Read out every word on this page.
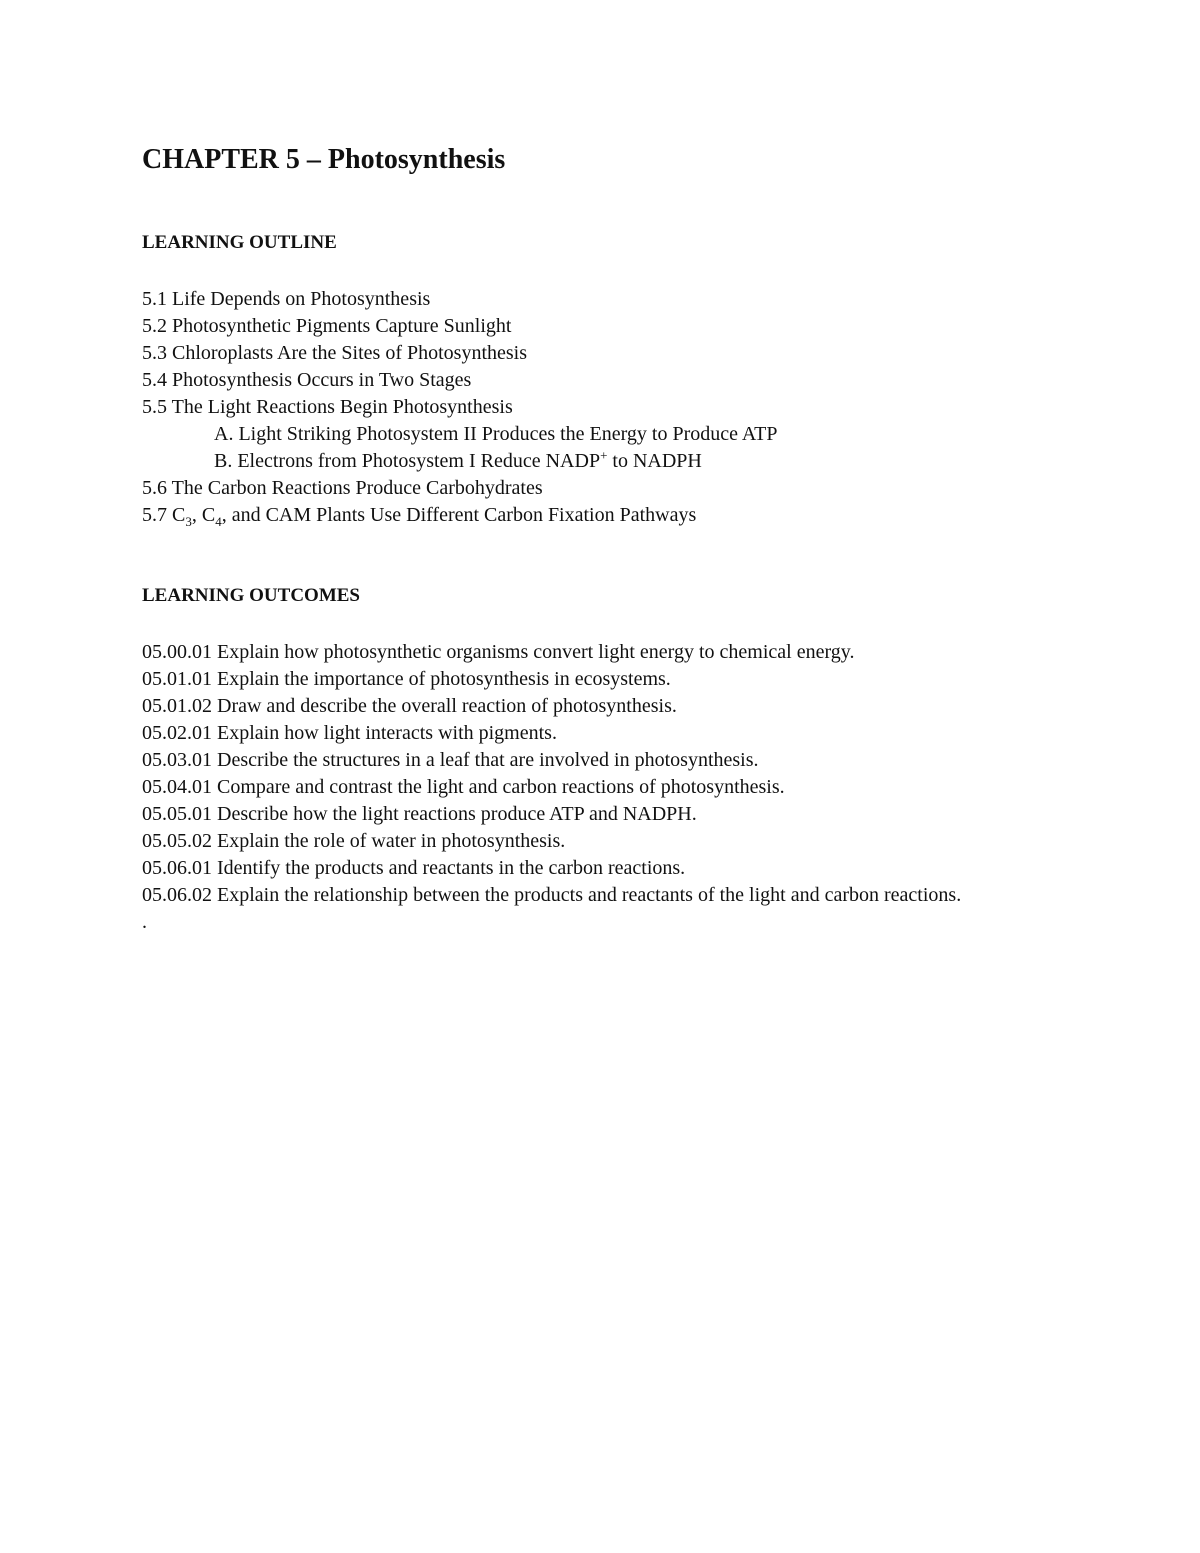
CHAPTER 5 – Photosynthesis
LEARNING OUTLINE
5.1 Life Depends on Photosynthesis
5.2 Photosynthetic Pigments Capture Sunlight
5.3 Chloroplasts Are the Sites of Photosynthesis
5.4 Photosynthesis Occurs in Two Stages
5.5 The Light Reactions Begin Photosynthesis
A. Light Striking Photosystem II Produces the Energy to Produce ATP
B. Electrons from Photosystem I Reduce NADP+ to NADPH
5.6 The Carbon Reactions Produce Carbohydrates
5.7 $C_3$, $C_4$, and CAM Plants Use Different Carbon Fixation Pathways
LEARNING OUTCOMES
05.00.01 Explain how photosynthetic organisms convert light energy to chemical energy.
05.01.01 Explain the importance of photosynthesis in ecosystems.
05.01.02 Draw and describe the overall reaction of photosynthesis.
05.02.01 Explain how light interacts with pigments.
05.03.01 Describe the structures in a leaf that are involved in photosynthesis.
05.04.01 Compare and contrast the light and carbon reactions of photosynthesis.
05.05.01 Describe how the light reactions produce ATP and NADPH.
05.05.02 Explain the role of water in photosynthesis.
05.06.01 Identify the products and reactants in the carbon reactions.
05.06.02 Explain the relationship between the products and reactants of the light and carbon reactions.
.
